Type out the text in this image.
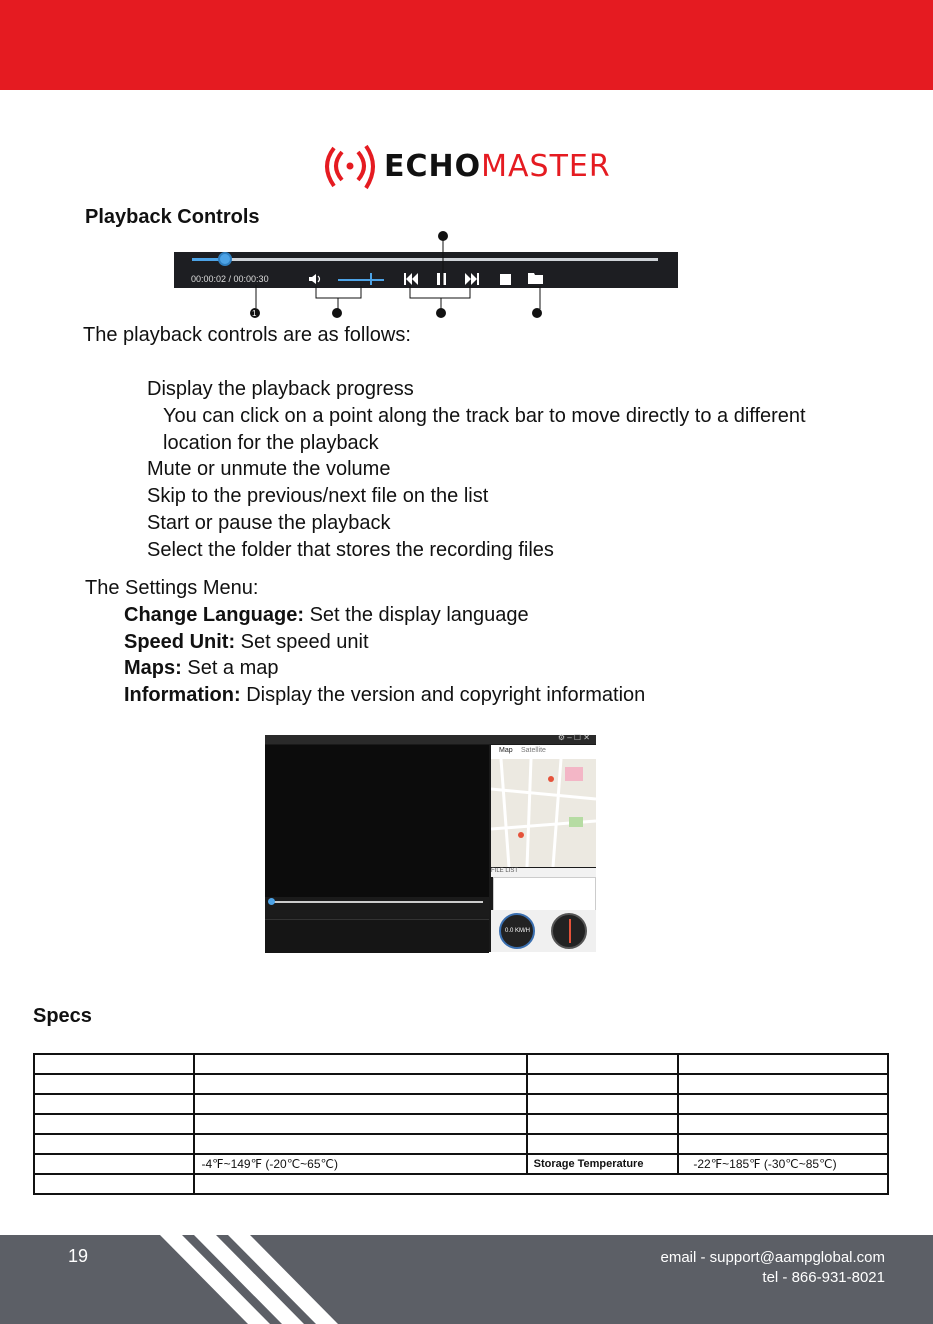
ECHOMASTER
Playback Controls
00:00:02 / 00:00:30
1

The playback controls are as follows:

Display the playback progress

You can click on a point along the track bar to move directly to a different

location for the playback

Mute or unmute the volume

Skip to the previous/next file on the list

Start or pause the playback

Select the folder that stores the recording files

The Settings Menu:

Change Language: Set the display language

Speed Unit: Set speed unit

Maps: Set a map

Information: Display the version and copyright information

⚙ – ☐ ✕
Map Satellite
FILE LIST
0.0 KM/H
Specs

	-4℉~149℉ (-20℃~65℃)	Storage Temperature	-22℉~185℉ (-30℃~85℃)

19	email - support@aampglobal.com
tel - 866-931-8021
